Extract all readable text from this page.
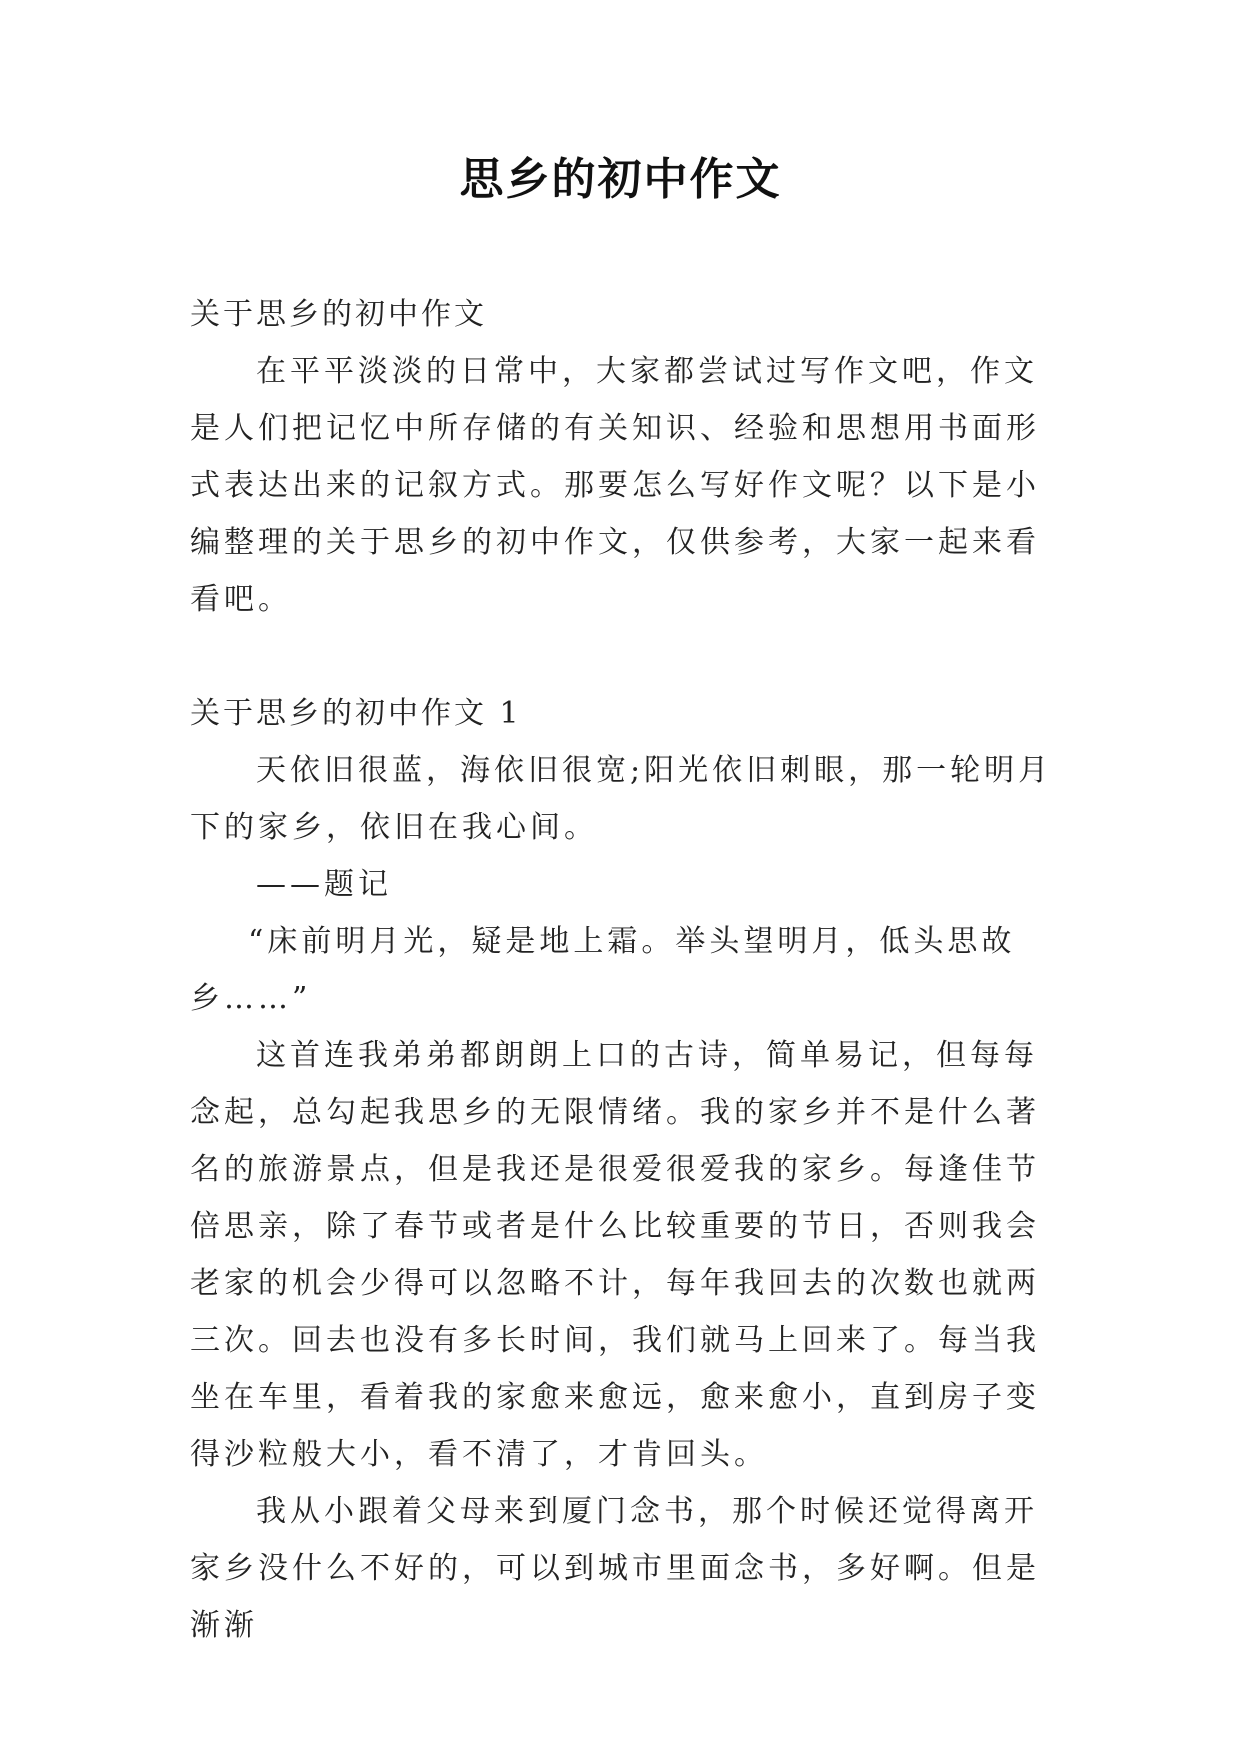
思乡的初中作文

关于思乡的初中作文

在平平淡淡的日常中，大家都尝试过写作文吧，作文是人们把记忆中所存储的有关知识、经验和思想用书面形式表达出来的记叙方式。那要怎么写好作文呢？以下是小编整理的关于思乡的初中作文，仅供参考，大家一起来看看吧。

关于思乡的初中作文 1

天依旧很蓝，海依旧很宽;阳光依旧刺眼，那一轮明月下的家乡，依旧在我心间。

——题记

“床前明月光，疑是地上霜。举头望明月，低头思故乡……”

这首连我弟弟都朗朗上口的古诗，简单易记，但每每念起，总勾起我思乡的无限情绪。我的家乡并不是什么著名的旅游景点，但是我还是很爱很爱我的家乡。每逢佳节倍思亲，除了春节或者是什么比较重要的节日，否则我会老家的机会少得可以忽略不计，每年我回去的次数也就两三次。回去也没有多长时间，我们就马上回来了。每当我坐在车里，看着我的家愈来愈远，愈来愈小，直到房子变得沙粒般大小，看不清了，才肯回头。

我从小跟着父母来到厦门念书，那个时候还觉得离开家乡没什么不好的，可以到城市里面念书，多好啊。但是渐渐
